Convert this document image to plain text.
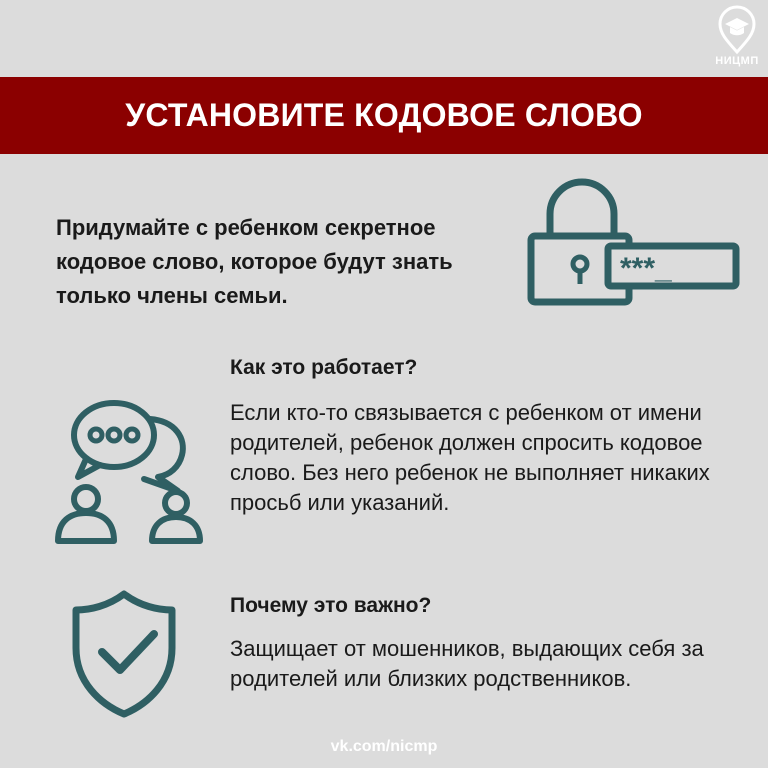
НИЦМП
УСТАНОВИТЕ КОДОВОЕ СЛОВО
Придумайте с ребенком секретное кодовое слово, которое будут знать только члены семьи.
***_
Как это работает?
Если кто-то связывается с ребенком от имени родителей, ребенок должен спросить кодовое слово. Без него ребенок не выполняет никаких просьб или указаний.
Почему это важно?
Защищает от мошенников, выдающих себя за родителей или близких родственников.
vk.com/nicmp
